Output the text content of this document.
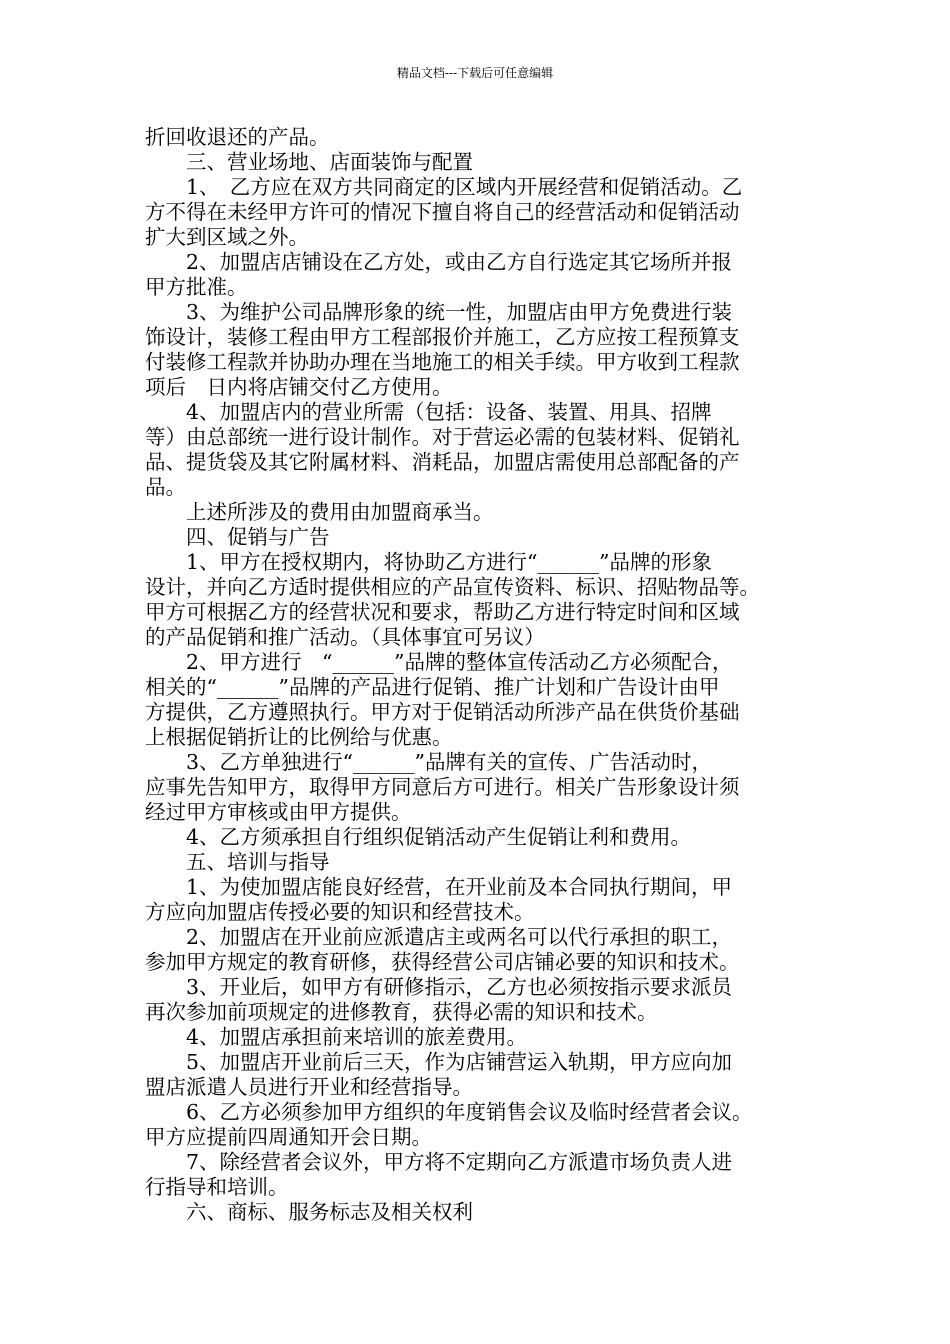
精品文档---下载后可任意编辑
折回收退还的产品。
　　三、营业场地、店面装饰与配置
　　1、　乙方应在双方共同商定的区域内开展经营和促销活动。乙
方不得在未经甲方许可的情况下擅自将自己的经营活动和促销活动
扩大到区域之外。
　　2、加盟店店铺设在乙方处，或由乙方自行选定其它场所并报
甲方批准。
　　3、为维护公司品牌形象的统一性，加盟店由甲方免费进行装
饰设计，装修工程由甲方工程部报价并施工，乙方应按工程预算支
付装修工程款并协助办理在当地施工的相关手续。甲方收到工程款
项后　日内将店铺交付乙方使用。
　　4、加盟店内的营业所需（包括：设备、装置、用具、招牌
等）由总部统一进行设计制作。对于营运必需的包装材料、促销礼
品、提货袋及其它附属材料、消耗品，加盟店需使用总部配备的产
品。
　　上述所涉及的费用由加盟商承当。
　　四、促销与广告
　　1、甲方在授权期内，将协助乙方进行“______”品牌的形象
设计，并向乙方适时提供相应的产品宣传资料、标识、招贴物品等。
甲方可根据乙方的经营状况和要求，帮助乙方进行特定时间和区域
的产品促销和推广活动。（具体事宜可另议）
　　2、甲方进行　“______”品牌的整体宣传活动乙方必须配合，
相关的“______”品牌的产品进行促销、推广计划和广告设计由甲
方提供，乙方遵照执行。甲方对于促销活动所涉产品在供货价基础
上根据促销折让的比例给与优惠。
　　3、乙方单独进行“______”品牌有关的宣传、广告活动时，
应事先告知甲方，取得甲方同意后方可进行。相关广告形象设计须
经过甲方审核或由甲方提供。
　　4、乙方须承担自行组织促销活动产生促销让利和费用。
　　五、培训与指导
　　1、为使加盟店能良好经营，在开业前及本合同执行期间，甲
方应向加盟店传授必要的知识和经营技术。
　　2、加盟店在开业前应派遣店主或两名可以代行承担的职工，
参加甲方规定的教育研修，获得经营公司店铺必要的知识和技术。
　　3、开业后，如甲方有研修指示，乙方也必须按指示要求派员
再次参加前项规定的进修教育，获得必需的知识和技术。
　　4、加盟店承担前来培训的旅差费用。
　　5、加盟店开业前后三天，作为店铺营运入轨期，甲方应向加
盟店派遣人员进行开业和经营指导。
　　6、乙方必须参加甲方组织的年度销售会议及临时经营者会议。
甲方应提前四周通知开会日期。
　　7、除经营者会议外，甲方将不定期向乙方派遣市场负责人进
行指导和培训。
　　六、商标、服务标志及相关权利
